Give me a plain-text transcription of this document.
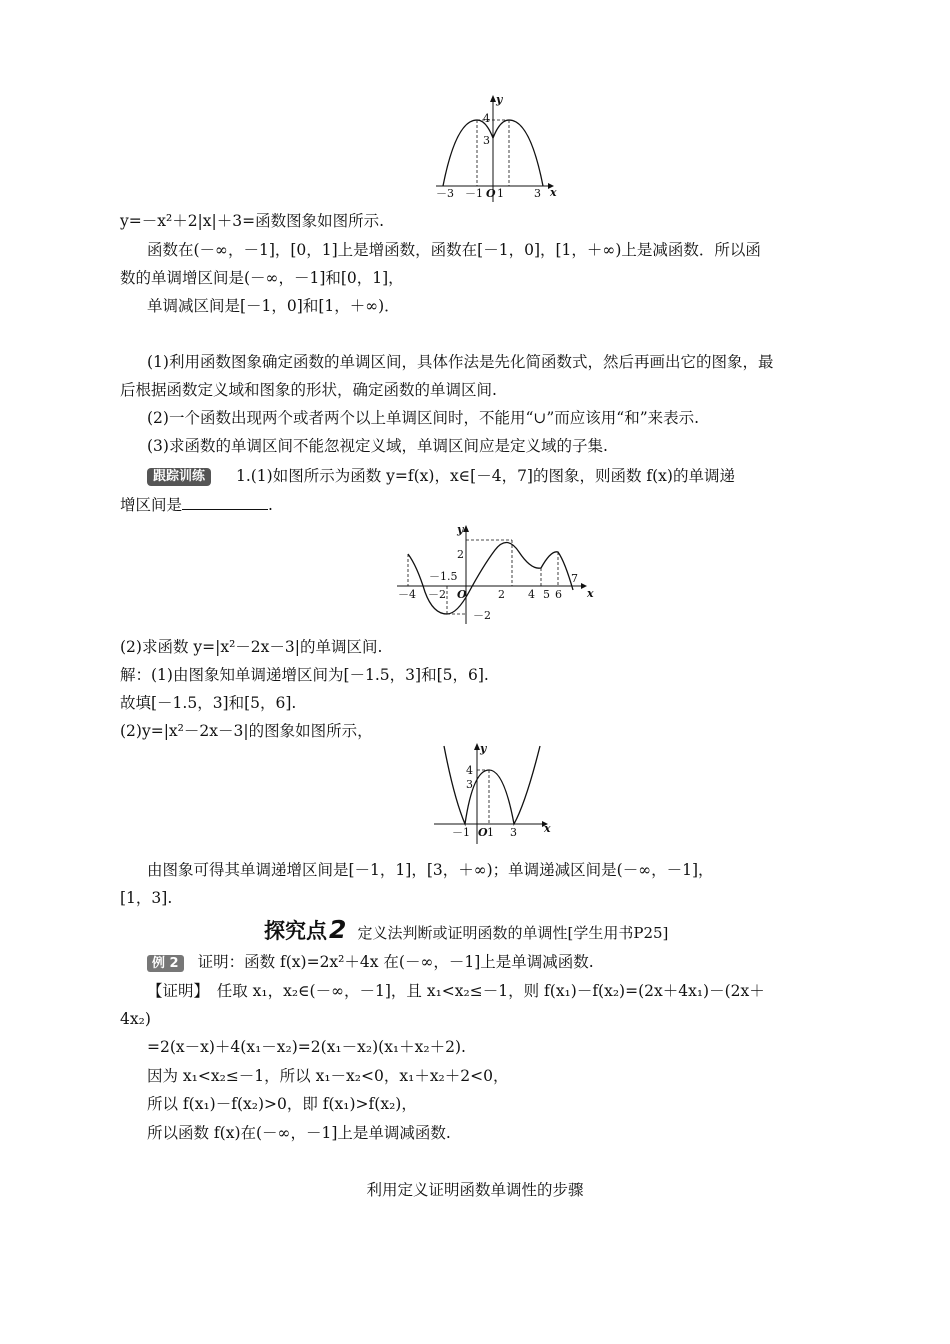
y
x
O
－3 －1 1	3
4
3
y=－x²＋2|x|＋3=函数图象如图所示.
函数在(－∞，－1]，[0，1]上是增函数，函数在[－1，0]，[1，＋∞)上是减函数．所以函
数的单调增区间是(－∞，－1]和[0，1]，
单调减区间是[－1，0]和[1，＋∞)．
(1)利用函数图象确定函数的单调区间，具体作法是先化简函数式，然后再画出它的图象，最
后根据函数定义域和图象的形状，确定函数的单调区间.
(2)一个函数出现两个或者两个以上单调区间时，不能用“∪”而应该用“和”来表示.
(3)求函数的单调区间不能忽视定义域，单调区间应是定义域的子集.
跟踪训练 1.(1)如图所示为函数 y=f(x)，x∈[－4，7]的图象，则函数 f(x)的单调递
增区间是	.
y
x
O
－4 －2	2 4 5 6
7
－1.5
2
－2
(2)求函数 y=|x²－2x－3|的单调区间.
解：(1)由图象知单调递增区间为[－1.5，3]和[5，6].
故填[－1.5，3]和[5，6].
(2)y=|x²－2x－3|的图象如图所示，
y
x
O
－1 1 3
4
3
由图象可得其单调递增区间是[－1，1]，[3，＋∞)；单调递减区间是(－∞，－1]，
[1，3].
探究点2 定义法判断或证明函数的单调性[学生用书P25]
例 2 证明：函数 f(x)=2x²＋4x 在(－∞，－1]上是单调减函数.
【证明】　任取 x₁，x₂∈(－∞，－1]，且 x₁<x₂≤－1，则 f(x₁)－f(x₂)=(2x＋4x₁)－(2x＋
4x₂)
=2(x－x)＋4(x₁－x₂)=2(x₁－x₂)(x₁＋x₂＋2).
因为 x₁<x₂≤－1，所以 x₁－x₂<0，x₁＋x₂＋2<0，
所以 f(x₁)－f(x₂)>0，即 f(x₁)>f(x₂)，
所以函数 f(x)在(－∞，－1]上是单调减函数.
利用定义证明函数单调性的步骤
